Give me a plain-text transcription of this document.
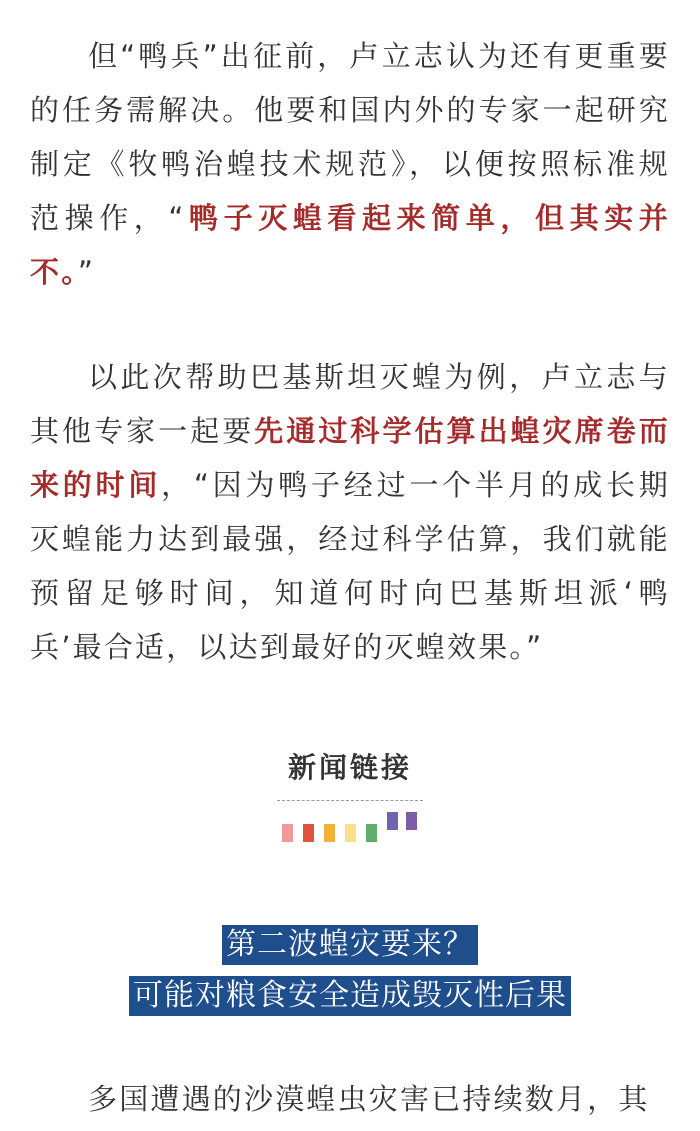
但“鸭兵”出征前，卢立志认为还有更重要的任务需解决。他要和国内外的专家一起研究制定《牧鸭治蝗技术规范》，以便按照标准规范操作，“鸭子灭蝗看起来简单，但其实并不。”

以此次帮助巴基斯坦灭蝗为例，卢立志与其他专家一起要先通过科学估算出蝗灾席卷而来的时间，“因为鸭子经过一个半月的成长期灭蝗能力达到最强，经过科学估算，我们就能预留足够时间，知道何时向巴基斯坦派‘鸭兵’最合适，以达到最好的灭蝗效果。”

多国遭遇的沙漠蝗虫灾害已持续数月，其

新闻链接
第二波蝗灾要来？
可能对粮食安全造成毁灭性后果
